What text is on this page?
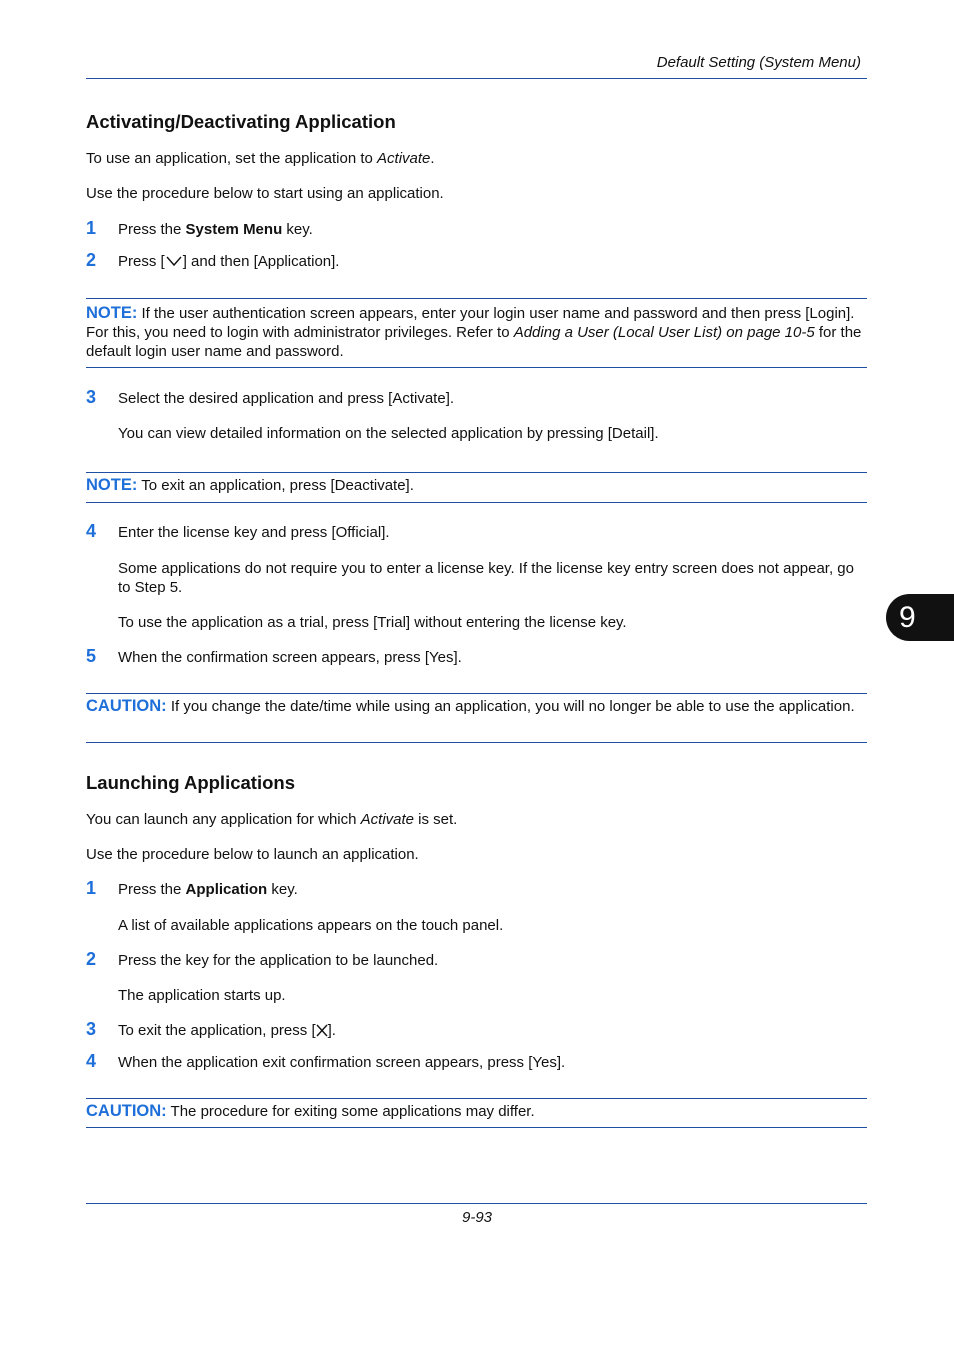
Default Setting (System Menu)
9
Activating/Deactivating Application
To use an application, set the application to Activate.
Use the procedure below to start using an application.
1 Press the System Menu key.
2 Press [ ] and then [Application].
NOTE: If the user authentication screen appears, enter your login user name and password and then press [Login]. For this, you need to login with administrator privileges. Refer to Adding a User (Local User List) on page 10-5 for the default login user name and password.
3 Select the desired application and press [Activate].
You can view detailed information on the selected application by pressing [Detail].
NOTE: To exit an application, press [Deactivate].
4 Enter the license key and press [Official].
Some applications do not require you to enter a license key. If the license key entry screen does not appear, go to Step 5.
To use the application as a trial, press [Trial] without entering the license key.
5 When the confirmation screen appears, press [Yes].
CAUTION: If you change the date/time while using an application, you will no longer be able to use the application.
Launching Applications
You can launch any application for which Activate is set.
Use the procedure below to launch an application.
1 Press the Application key.
A list of available applications appears on the touch panel.
2 Press the key for the application to be launched.
The application starts up.
3 To exit the application, press [ ].
4 When the application exit confirmation screen appears, press [Yes].
CAUTION: The procedure for exiting some applications may differ.
9-93
